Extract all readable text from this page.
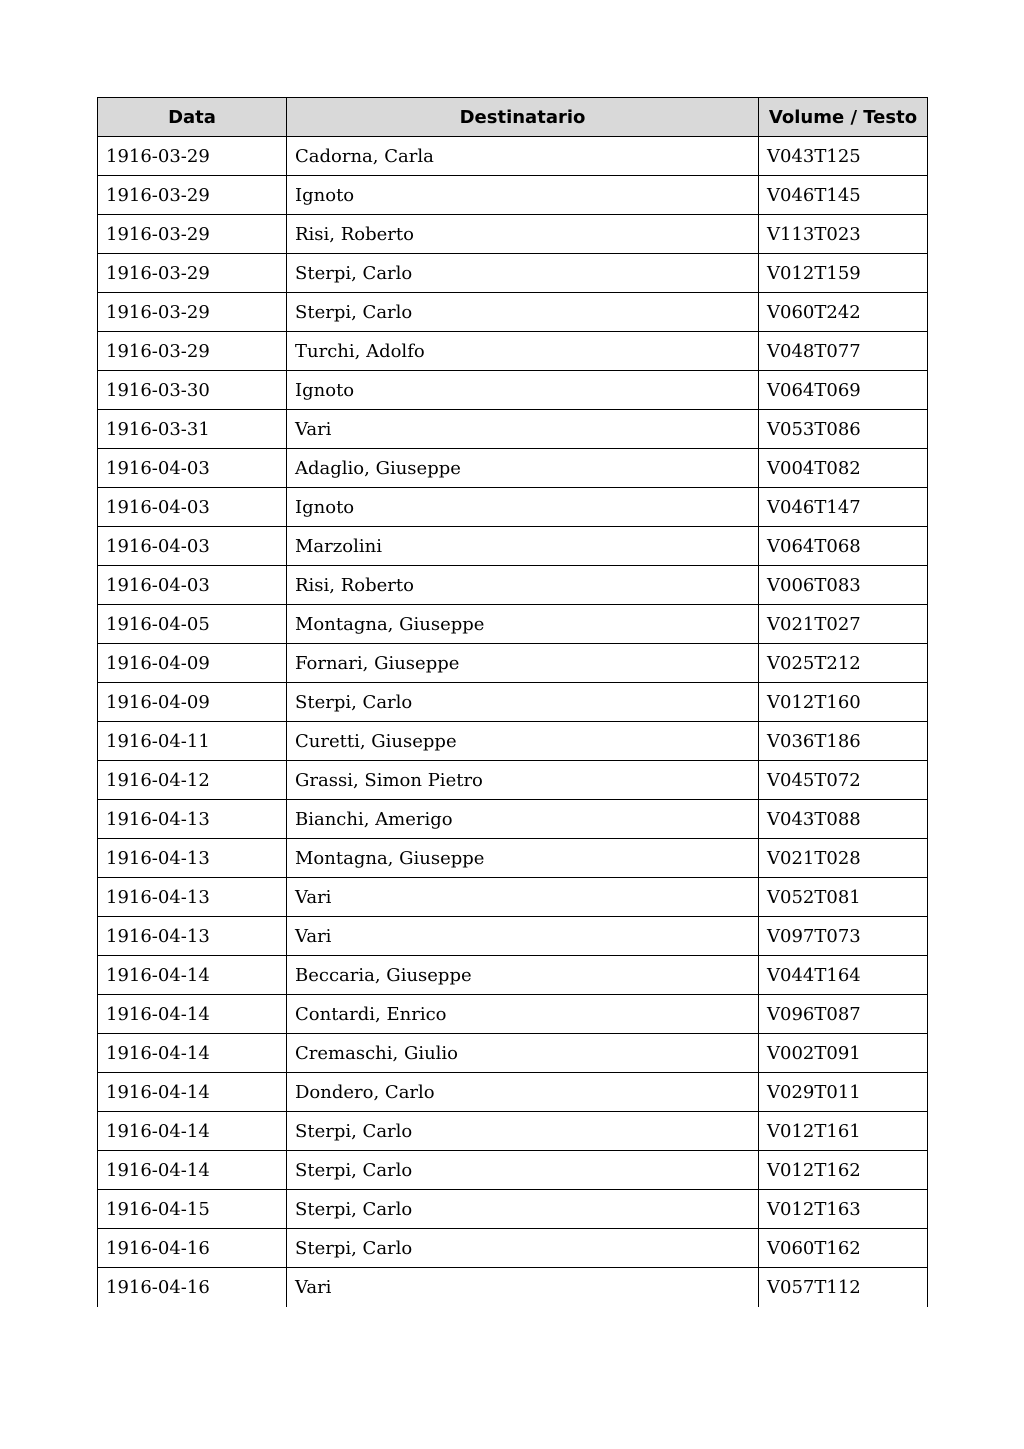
Data	Destinatario	Volume / Testo
1916-03-29	Cadorna, Carla	V043T125
1916-03-29	Ignoto	V046T145
1916-03-29	Risi, Roberto	V113T023
1916-03-29	Sterpi, Carlo	V012T159
1916-03-29	Sterpi, Carlo	V060T242
1916-03-29	Turchi, Adolfo	V048T077
1916-03-30	Ignoto	V064T069
1916-03-31	Vari	V053T086
1916-04-03	Adaglio, Giuseppe	V004T082
1916-04-03	Ignoto	V046T147
1916-04-03	Marzolini	V064T068
1916-04-03	Risi, Roberto	V006T083
1916-04-05	Montagna, Giuseppe	V021T027
1916-04-09	Fornari, Giuseppe	V025T212
1916-04-09	Sterpi, Carlo	V012T160
1916-04-11	Curetti, Giuseppe	V036T186
1916-04-12	Grassi, Simon Pietro	V045T072
1916-04-13	Bianchi, Amerigo	V043T088
1916-04-13	Montagna, Giuseppe	V021T028
1916-04-13	Vari	V052T081
1916-04-13	Vari	V097T073
1916-04-14	Beccaria, Giuseppe	V044T164
1916-04-14	Contardi, Enrico	V096T087
1916-04-14	Cremaschi, Giulio	V002T091
1916-04-14	Dondero, Carlo	V029T011
1916-04-14	Sterpi, Carlo	V012T161
1916-04-14	Sterpi, Carlo	V012T162
1916-04-15	Sterpi, Carlo	V012T163
1916-04-16	Sterpi, Carlo	V060T162
1916-04-16	Vari	V057T112
